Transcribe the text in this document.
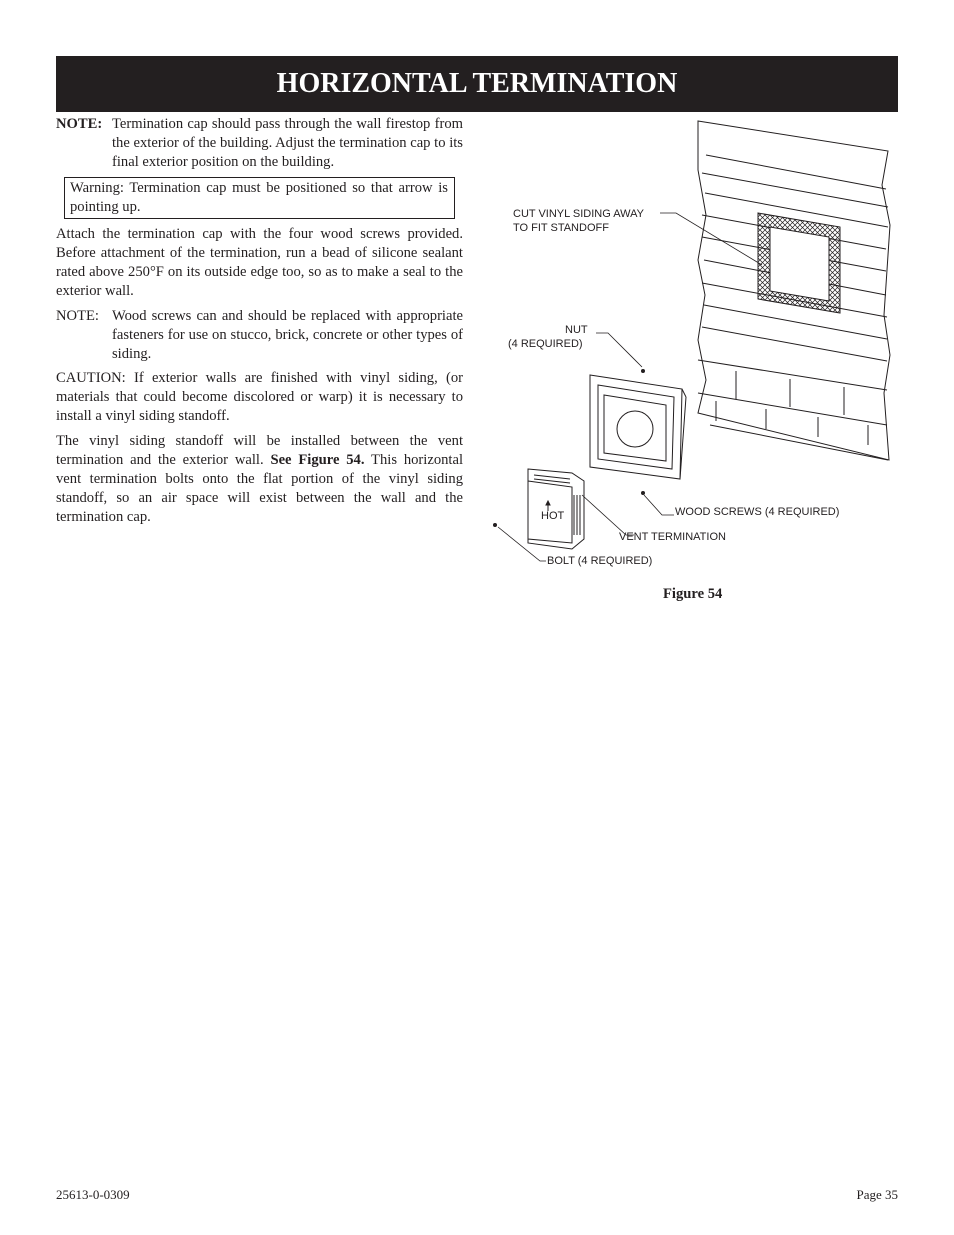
HORIZONTAL TERMINATION
NOTE: Termination cap should pass through the wall firestop from the exterior of the building. Adjust the termination cap to its final exterior position on the building.
Warning: Termination cap must be positioned so that arrow is pointing up.

Attach the termination cap with the four wood screws provided. Before attachment of the termination, run a bead of silicone sealant rated above 250°F on its outside edge too, so as to make a seal to the exterior wall.

NOTE: Wood screws can and should be replaced with appropriate fasteners for use on stucco, brick, concrete or other types of siding.

CAUTION: If exterior walls are finished with vinyl siding, (or materials that could become discolored or warp) it is necessary to install a vinyl siding standoff.

The vinyl siding standoff will be installed between the vent termination and the exterior wall. See Figure 54. This horizontal vent termination bolts onto the flat portion of the vinyl siding standoff, so an air space will exist between the wall and the termination cap.	HOT
CUT VINYL SIDING AWAY
TO FIT STANDOFF
NUT
(4 REQUIRED)
WOOD SCREWS (4 REQUIRED)
VENT TERMINATION
BOLT (4 REQUIRED)
Figure 54
25613-0-0309	Page 35
